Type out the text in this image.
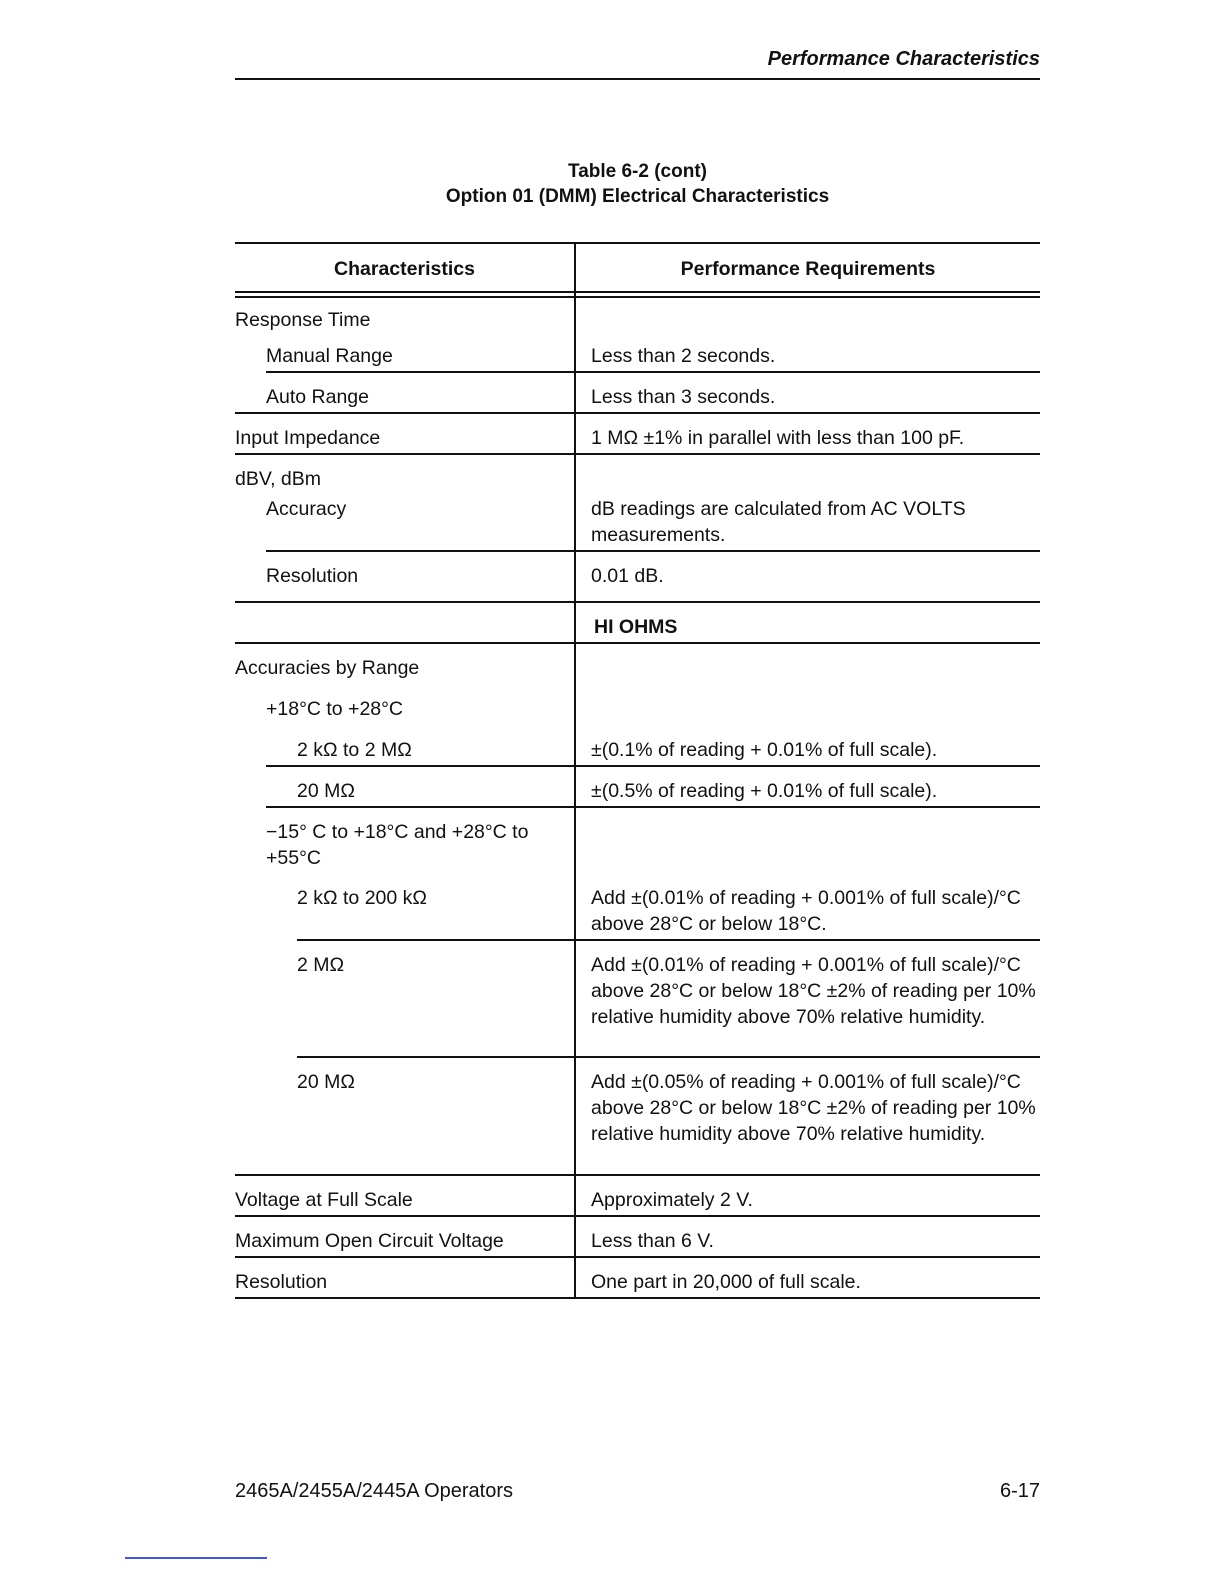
Performance Characteristics
Table 6-2 (cont)
Option 01 (DMM) Electrical Characteristics
Characteristics	Performance Requirements
Response Time
Manual Range	Less than 2 seconds.
Auto Range	Less than 3 seconds.
Input Impedance	1 MΩ ±1% in parallel with less than 100 pF.
dBV, dBm
Accuracy	dB readings are calculated from AC VOLTS measurements.
Resolution	0.01 dB.
HI OHMS
Accuracies by Range
+18°C to +28°C
2 kΩ to 2 MΩ	±(0.1% of reading + 0.01% of full scale).
20 MΩ	±(0.5% of reading + 0.01% of full scale).
−15° C to +18°C and +28°C to +55°C
2 kΩ to 200 kΩ	Add ±(0.01% of reading + 0.001% of full scale)/°C above 28°C or below 18°C.
2 MΩ	Add ±(0.01% of reading + 0.001% of full scale)/°C above 28°C or below 18°C ±2% of reading per 10% relative humidity above 70% relative humidity.
20 MΩ	Add ±(0.05% of reading + 0.001% of full scale)/°C above 28°C or below 18°C ±2% of reading per 10% relative humidity above 70% relative humidity.
Voltage at Full Scale	Approximately 2 V.
Maximum Open Circuit Voltage	Less than 6 V.
Resolution	One part in 20,000 of full scale.
2465A/2455A/2445A Operators	6-17
